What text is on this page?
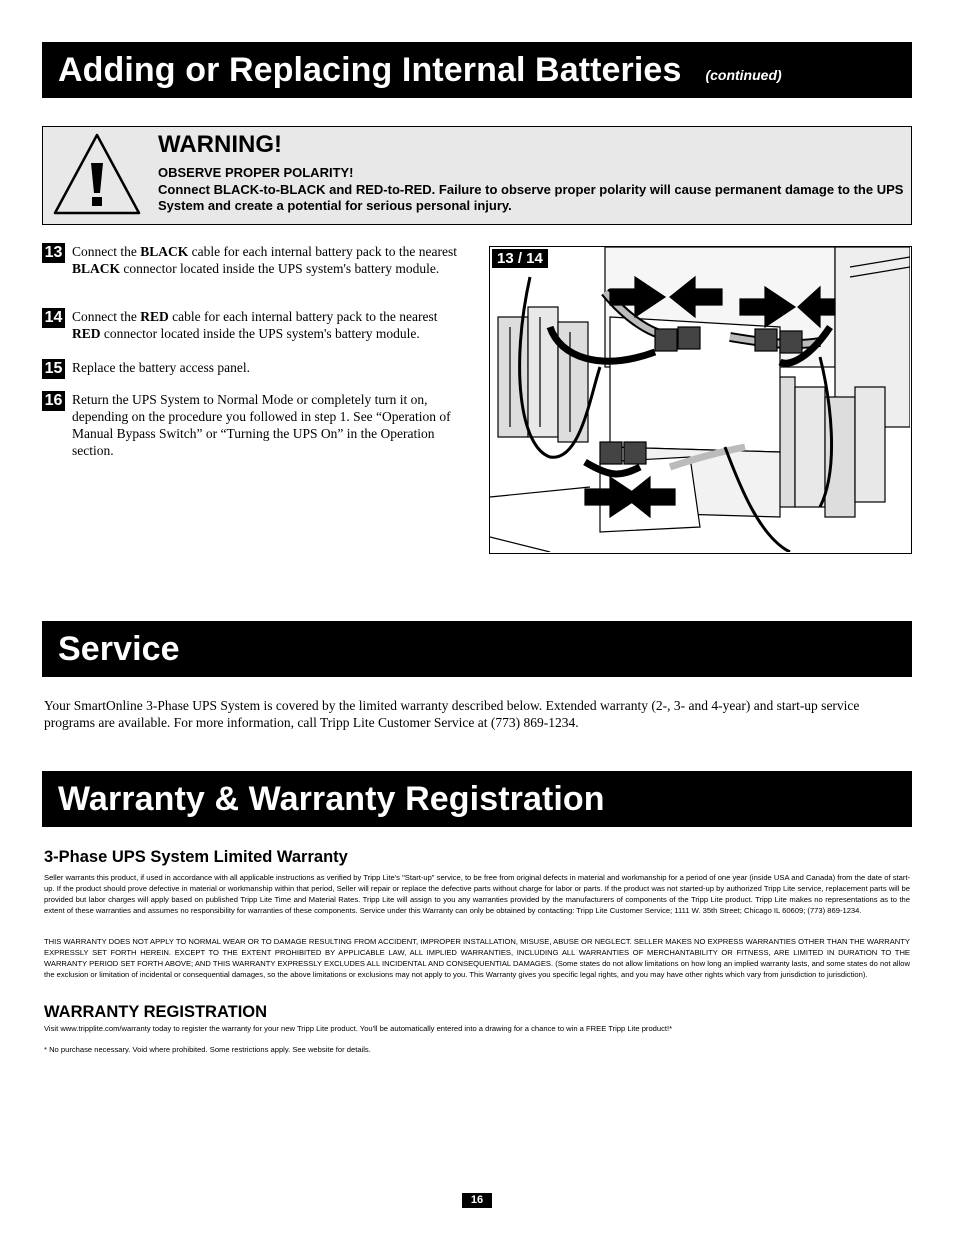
Adding or Replacing Internal Batteries (continued)
WARNING!
OBSERVE PROPER POLARITY!
Connect BLACK-to-BLACK and RED-to-RED. Failure to observe proper polarity will cause permanent damage to the UPS System and create a potential for serious personal injury.
13 Connect the BLACK cable for each internal battery pack to the nearest BLACK connector located inside the UPS system's battery module.
14 Connect the RED cable for each internal battery pack to the nearest RED connector located inside the UPS system's battery module.
15 Replace the battery access panel.
16 Return the UPS System to Normal Mode or completely turn it on, depending on the procedure you followed in step 1. See “Operation of Manual Bypass Switch” or “Turning the UPS On” in the Operation section.
13 / 14
Service
Your SmartOnline 3-Phase UPS System is covered by the limited warranty described below. Extended warranty (2-, 3- and 4-year) and start-up service programs are available. For more information, call Tripp Lite Customer Service at (773) 869-1234.
Warranty & Warranty Registration
3-Phase UPS System Limited Warranty
Seller warrants this product, if used in accordance with all applicable instructions as verified by Tripp Lite's "Start-up" service, to be free from original defects in material and workmanship for a period of one year (inside USA and Canada) from the date of start-up. If the product should prove defective in material or workmanship within that period, Seller will repair or replace the defective parts without charge for labor or parts. If the product was not started-up by authorized Tripp Lite service, replacement parts will be provided but labor charges will apply based on published Tripp Lite Time and Material Rates. Tripp Lite will assign to you any warranties provided by the manufacturers of components of the Tripp Lite product. Tripp Lite makes no representations as to the extent of these warranties and assumes no responsibility for warranties of these components. Service under this Warranty can only be obtained by contacting: Tripp Lite Customer Service; 1111 W. 35th Street; Chicago IL 60609; (773) 869-1234.
THIS WARRANTY DOES NOT APPLY TO NORMAL WEAR OR TO DAMAGE RESULTING FROM ACCIDENT, IMPROPER INSTALLATION, MISUSE, ABUSE OR NEGLECT. SELLER MAKES NO EXPRESS WARRANTIES OTHER THAN THE WARRANTY EXPRESSLY SET FORTH HEREIN. EXCEPT TO THE EXTENT PROHIBITED BY APPLICABLE LAW, ALL IMPLIED WARRANTIES, INCLUDING ALL WARRANTIES OF MERCHANTABILITY OR FITNESS, ARE LIMITED IN DURATION TO THE WARRANTY PERIOD SET FORTH ABOVE; AND THIS WARRANTY EXPRESSLY EXCLUDES ALL INCIDENTAL AND CONSEQUENTIAL DAMAGES. (Some states do not allow limitations on how long an implied warranty lasts, and some states do not allow the exclusion or limitation of incidental or consequential damages, so the above limitations or exclusions may not apply to you. This Warranty gives you specific legal rights, and you may have other rights which vary from jurisdiction to jurisdiction).
WARRANTY REGISTRATION
Visit www.tripplite.com/warranty today to register the warranty for your new Tripp Lite product. You'll be automatically entered into a drawing for a chance to win a FREE Tripp Lite product!*
* No purchase necessary. Void where prohibited. Some restrictions apply. See website for details.
16
